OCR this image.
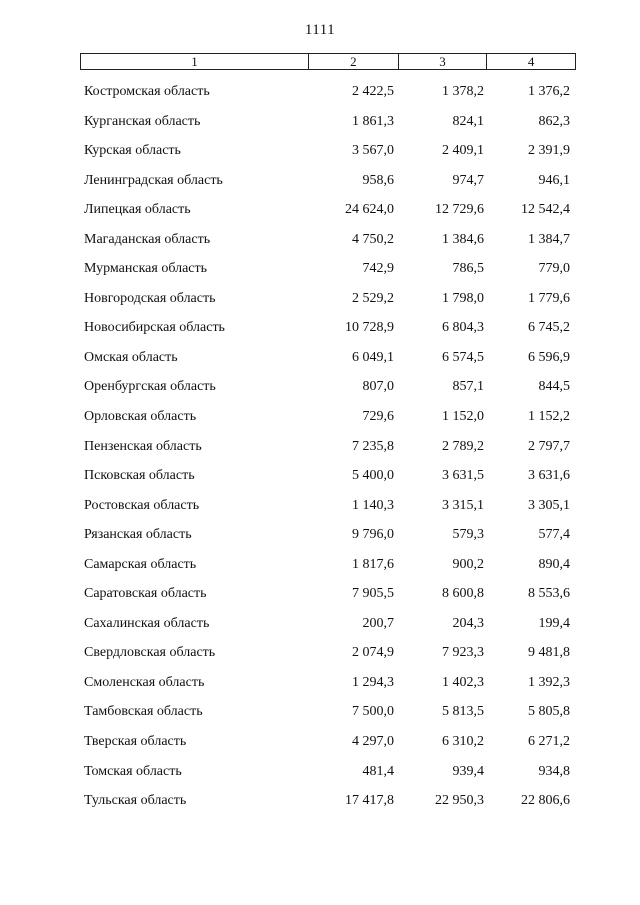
1111
1	2	3	4
Костромская область	2 422,5	1 378,2	1 376,2
Курганская область	1 861,3	824,1	862,3
Курская область	3 567,0	2 409,1	2 391,9
Ленинградская область	958,6	974,7	946,1
Липецкая область	24 624,0	12 729,6	12 542,4
Магаданская область	4 750,2	1 384,6	1 384,7
Мурманская область	742,9	786,5	779,0
Новгородская область	2 529,2	1 798,0	1 779,6
Новосибирская область	10 728,9	6 804,3	6 745,2
Омская область	6 049,1	6 574,5	6 596,9
Оренбургская область	807,0	857,1	844,5
Орловская область	729,6	1 152,0	1 152,2
Пензенская область	7 235,8	2 789,2	2 797,7
Псковская область	5 400,0	3 631,5	3 631,6
Ростовская область	1 140,3	3 315,1	3 305,1
Рязанская область	9 796,0	579,3	577,4
Самарская область	1 817,6	900,2	890,4
Саратовская область	7 905,5	8 600,8	8 553,6
Сахалинская область	200,7	204,3	199,4
Свердловская область	2 074,9	7 923,3	9 481,8
Смоленская область	1 294,3	1 402,3	1 392,3
Тамбовская область	7 500,0	5 813,5	5 805,8
Тверская область	4 297,0	6 310,2	6 271,2
Томская область	481,4	939,4	934,8
Тульская область	17 417,8	22 950,3	22 806,6
